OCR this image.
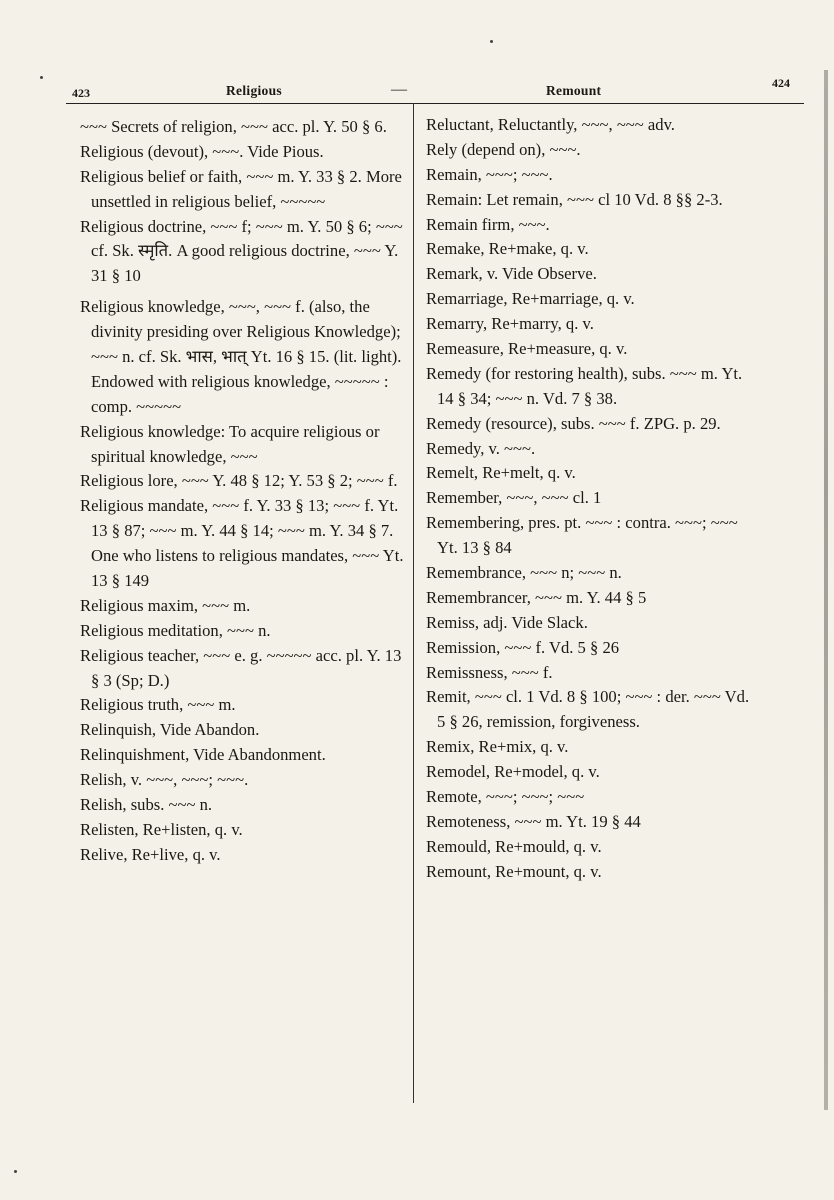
423	Religious	—	Remount	424

~~~ Secrets of religion, ~~~ acc. pl. Y. 50 § 6.

Religious (devout), ~~~. Vide Pious.

Religious belief or faith, ~~~ m. Y. 33 § 2. More unsettled in religious belief, ~~~~~

Religious doctrine, ~~~ f; ~~~ m. Y. 50 § 6; ~~~ cf. Sk. स्मृति. A good religious doctrine, ~~~ Y. 31 § 10

Religious knowledge, ~~~, ~~~ f. (also, the divinity presiding over Religious Knowledge); ~~~ n. cf. Sk. भास, भात् Yt. 16 § 15. (lit. light). Endowed with religious knowledge, ~~~~~ : comp. ~~~~~

Religious knowledge: To acquire religious or spiritual knowledge, ~~~

Religious lore, ~~~ Y. 48 § 12; Y. 53 § 2; ~~~ f.

Religious mandate, ~~~ f. Y. 33 § 13; ~~~ f. Yt. 13 § 87; ~~~ m. Y. 44 § 14; ~~~ m. Y. 34 § 7. One who listens to religious mandates, ~~~ Yt. 13 § 149

Religious maxim, ~~~ m.

Religious meditation, ~~~ n.

Religious teacher, ~~~ e. g. ~~~~~ acc. pl. Y. 13 § 3 (Sp; D.)

Religious truth, ~~~ m.

Relinquish, Vide Abandon.

Relinquishment, Vide Abandonment.

Relish, v. ~~~, ~~~; ~~~.

Relish, subs. ~~~ n.

Relisten, Re+listen, q. v.

Relive, Re+live, q. v.

Reluctant, Reluctantly, ~~~, ~~~ adv.

Rely (depend on), ~~~.

Remain, ~~~; ~~~.

Remain: Let remain, ~~~ cl 10 Vd. 8 §§ 2-3.

Remain firm, ~~~.

Remake, Re+make, q. v.

Remark, v. Vide Observe.

Remarriage, Re+marriage, q. v.

Remarry, Re+marry, q. v.

Remeasure, Re+measure, q. v.

Remedy (for restoring health), subs. ~~~ m. Yt. 14 § 34; ~~~ n. Vd. 7 § 38.

Remedy (resource), subs. ~~~ f. ZPG. p. 29.

Remedy, v. ~~~.

Remelt, Re+melt, q. v.

Remember, ~~~, ~~~ cl. 1

Remembering, pres. pt. ~~~ : contra. ~~~; ~~~ Yt. 13 § 84

Remembrance, ~~~ n; ~~~ n.

Remembrancer, ~~~ m. Y. 44 § 5

Remiss, adj. Vide Slack.

Remission, ~~~ f. Vd. 5 § 26

Remissness, ~~~ f.

Remit, ~~~ cl. 1 Vd. 8 § 100; ~~~ : der. ~~~ Vd. 5 § 26, remission, forgiveness.

Remix, Re+mix, q. v.

Remodel, Re+model, q. v.

Remote, ~~~; ~~~; ~~~

Remoteness, ~~~ m. Yt. 19 § 44

Remould, Re+mould, q. v.

Remount, Re+mount, q. v.
